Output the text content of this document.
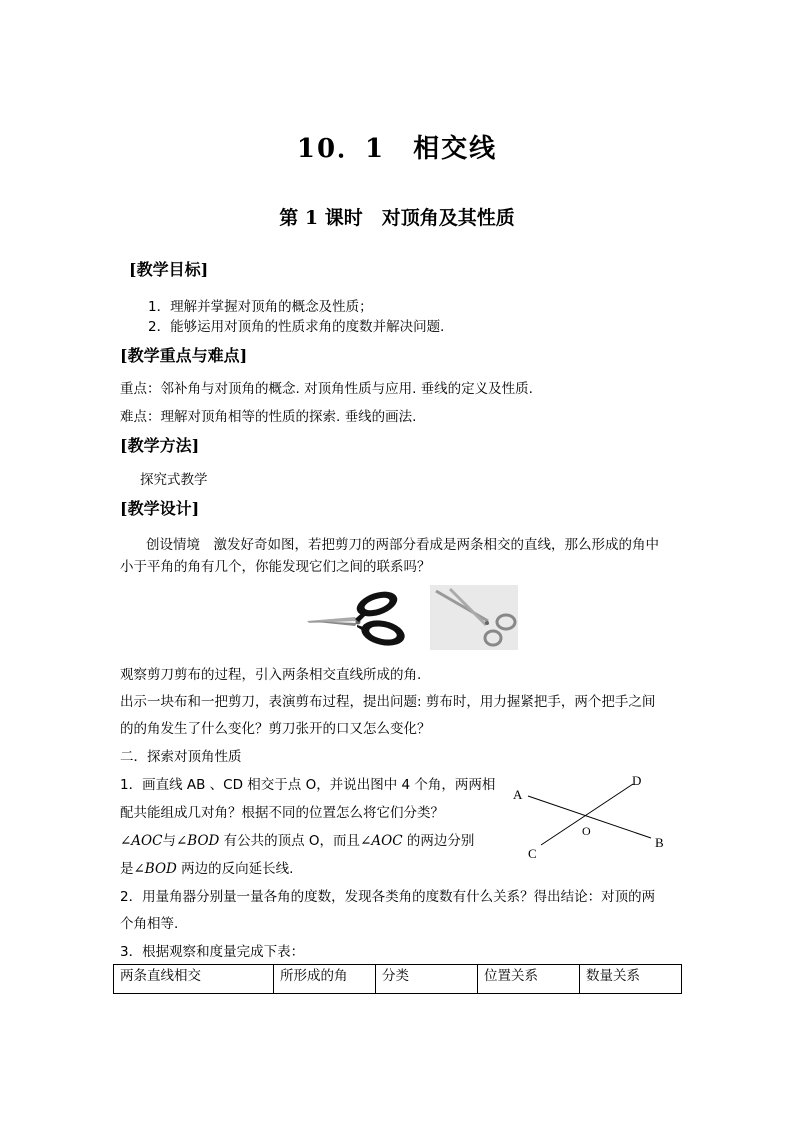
10．1　相交线
第 1 课时　对顶角及其性质
[教学目标]
1．理解并掌握对顶角的概念及性质；
2．能够运用对顶角的性质求角的度数并解决问题．
[教学重点与难点]
重点：邻补角与对顶角的概念. 对顶角性质与应用. 垂线的定义及性质.
难点：理解对顶角相等的性质的探索. 垂线的画法.
[教学方法]
探究式教学
[教学设计]
创设情境　激发好奇如图，若把剪刀的两部分看成是两条相交的直线，那么形成的角中
小于平角的角有几个，你能发现它们之间的联系吗？
观察剪刀剪布的过程，引入两条相交直线所成的角.
出示一块布和一把剪刀，表演剪布过程，提出问题: 剪布时，用力握紧把手，两个把手之间
的的角发生了什么变化？剪刀张开的口又怎么变化？
二．探索对顶角性质
1．画直线 AB 、CD 相交于点 O，并说出图中 4 个角，两两相
配共能组成几对角？根据不同的位置怎么将它们分类？
∠AOC与∠BOD 有公共的顶点 O，而且∠AOC 的两边分别
是∠BOD 两边的反向延长线.
A
B
C
D
O
2．用量角器分别量一量各角的度数，发现各类角的度数有什么关系？得出结论：对顶的两
个角相等.
3．根据观察和度量完成下表：
两条直线相交	所形成的角	分类	位置关系	数量关系
